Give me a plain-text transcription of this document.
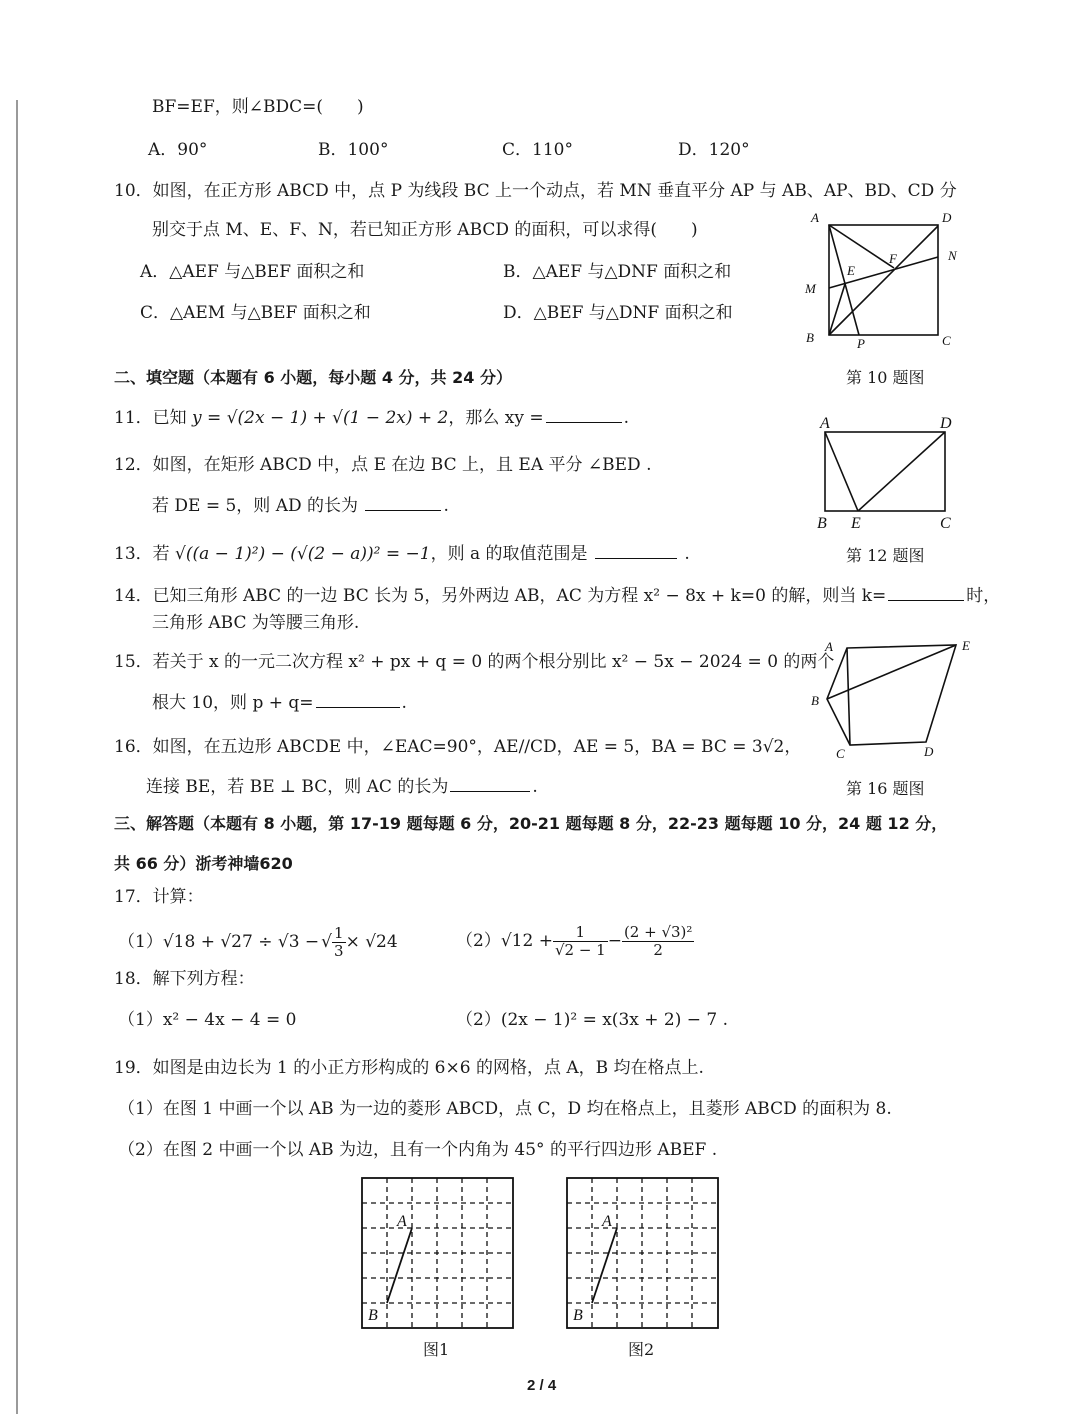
BF=EF，则∠BDC=(　　)
A．90°	B．100°	C．110°	D．120°
10．如图，在正方形 ABCD 中，点 P 为线段 BC 上一个动点，若 MN 垂直平分 AP 与 AB、AP、BD、CD 分
别交于点 M、E、F、N，若已知正方形 ABCD 的面积，可以求得(　　)
A．△AEF 与△BEF 面积之和	B．△AEF 与△DNF 面积之和
C．△AEM 与△BEF 面积之和	D．△BEF 与△DNF 面积之和
A	D
N
F
E
M
B	P	C
第 10 题图
二、填空题（本题有 6 小题，每小题 4 分，共 24 分）
11．已知 y = √(2x − 1) + √(1 − 2x) + 2，那么 xy =	.
12．如图，在矩形 ABCD 中，点 E 在边 BC 上，且 EA 平分 ∠BED .
若 DE = 5，则 AD 的长为	.
A	D
B E	C
第 12 题图
13．若 √((a − 1)²) − (√(2 − a))² = −1，则 a 的取值范围是	.
14．已知三角形 ABC 的一边 BC 长为 5，另外两边 AB，AC 为方程 x² − 8x + k=0 的解，则当 k=	时，
三角形 ABC 为等腰三角形.
15．若关于 x 的一元二次方程 x² + px + q = 0 的两个根分别比 x² − 5x − 2024 = 0 的两个
根大 10，则 p + q=	.
A	E
B
C	D
第 16 题图
16．如图，在五边形 ABCDE 中，∠EAC=90°，AE//CD，AE = 5，BA = BC = 3√2，
连接 BE，若 BE ⊥ BC，则 AC 的长为	.
三、解答题（本题有 8 小题，第 17-19 题每题 6 分，20-21 题每题 8 分，22-23 题每题 10 分，24 题 12 分，
共 66 分）浙考神墙620
17．计算：
（1） √18 + √27 ÷ √3 − √ $\frac{1}{3} \times √24$	（2） $√12 + \frac{1}{√2 - 1} - \frac{\text{(2 + √3)²}}{2}$
18．解下列方程：
（1）x² − 4x − 4 = 0	（2）(2x − 1)² = x(3x + 2) − 7 .
19．如图是由边长为 1 的小正方形构成的 6×6 的网格，点 A，B 均在格点上.
（1）在图 1 中画一个以 AB 为一边的菱形 ABCD，点 C，D 均在格点上，且菱形 ABCD 的面积为 8.
（2）在图 2 中画一个以 AB 为边，且有一个内角为 45° 的平行四边形 ABEF .
A
B
图1
A
B
图2
2 / 4
